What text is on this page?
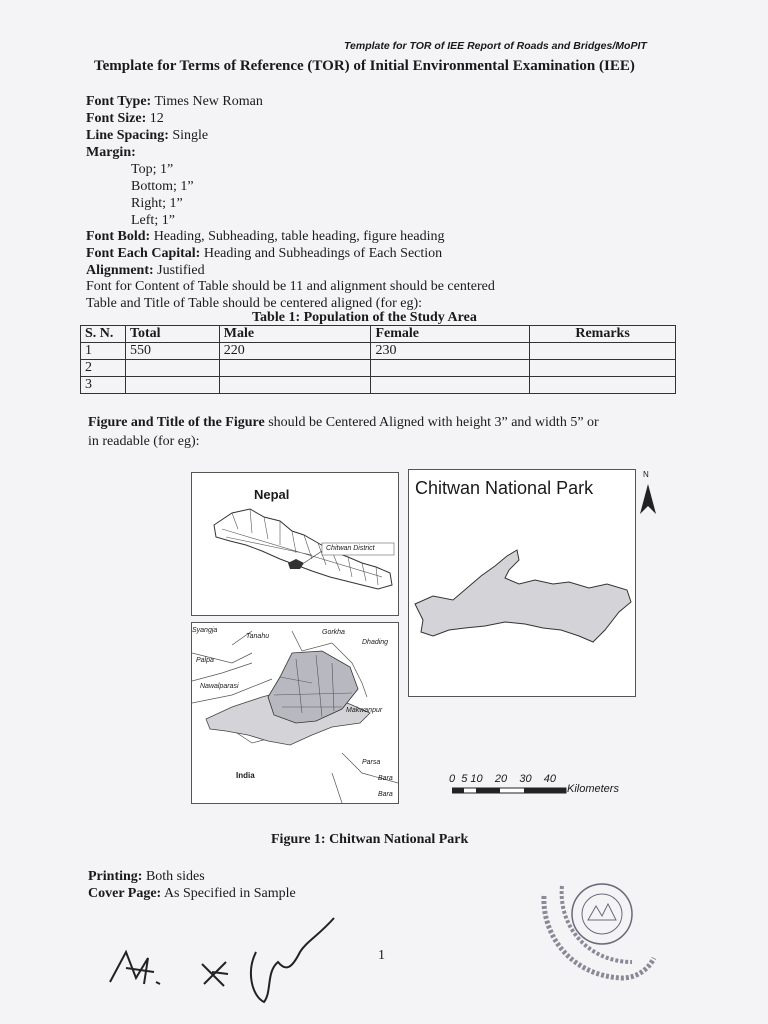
Template for TOR of IEE Report of Roads and Bridges/MoPIT
Template for Terms of Reference (TOR) of Initial Environmental Examination (IEE)
Font Type: Times New Roman
Font Size: 12
Line Spacing: Single
Margin:
Top; 1”
Bottom; 1”
Right; 1”
Left; 1”
Font Bold: Heading, Subheading, table heading, figure heading
Font Each Capital: Heading and Subheadings of Each Section
Alignment: Justified
Font for Content of Table should be 11 and alignment should be centered
Table and Title of Table should be centered aligned (for eg):
Table 1: Population of the Study Area
S. N.	Total	Male	Female	Remarks
1	550	220	230	
2				
3				
Figure and Title of the Figure should be Centered Aligned with height 3” and width 5” or
in readable (for eg):
Nepal
Chitwan District
Syangja
Tanahu
Gorkha
Dhading
Palpa
Nawalparasi
Makwanpur
India
Parsa
Bara
Bara
Chitwan National Park
N
0  5 10    20    30    40
Kilometers
Figure 1: Chitwan National Park
Printing: Both sides
Cover Page: As Specified in Sample
1
